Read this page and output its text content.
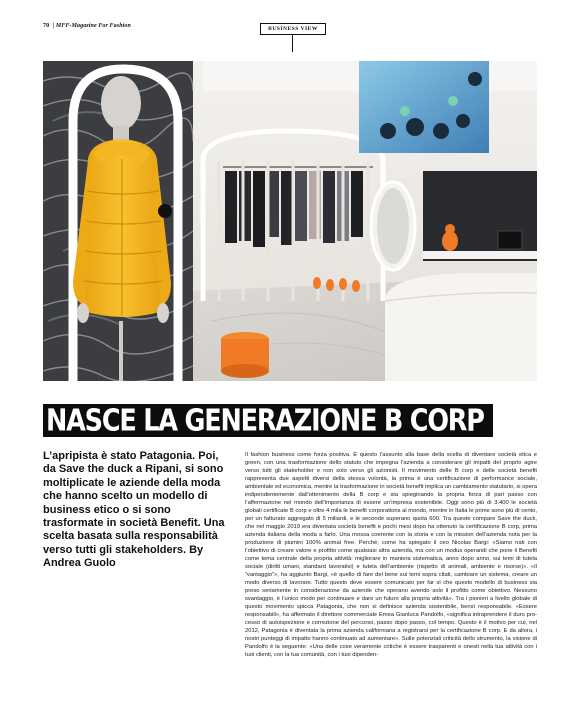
70 | MFF-Magazine For Fashion	BUSINESS VIEW
NASCE LA GENERAZIONE B CORP

L’apripista è stato Patagonia. Poi, da Save the duck a Ripani, si sono moltiplicate le aziende della moda che hanno scelto un modello di business etico o si sono trasformate in società Benefit. Una scelta basata sulla responsabilità verso tutti gli stakeholders. By Andrea Guolo

Il fashion business come forza positiva. È questo l’assunto alla base della scelta di diventare società etica e green, con una trasformazione dello statuto che impegna l’azienda a considerare gli impatti del proprio agire verso tutti gli stakeholder e non solo verso gli azionisti. Il movimento delle B corp e delle società benefit rappresenta due aspetti diversi della stessa volontà, la prima è una certificazione di performance sociale, ambientale ed economica, mentre la trasformazione in società benefit implica un cambiamento statutario, si opera indipendentemente dall’ottenimento della B corp e sta spieginando la propria forza di pari passo con l’affermazione nel mondo dell’importanza di essere un’impresa sostenibile. Oggi sono più di 3.400 le società globali certificate B corp e oltre 4 mila le benefit corporations al mondo, mentre in Italia le prime sono più di cento, per un fatturato aggregato di 5 miliardi, e le seconde superano quota 600. Tra queste compare Save the duck, che nel maggio 2019 era diventata società benefit e pochi mesi dopo ha ottenuto la certificazione B corp, prima azienda italiana della moda a farlo. Una mossa coerente con la storia e con la mission dell’azienda nota per la produzione di piumini 100% animal free. Perché, come ha spiegato il ceo Nicolas Bargi: «Siamo nati con l’obiettivo di creare valore e profitto come qualsiasi altra azienda, ma con un modus operandi che pone il Benefit come tema centrale della propria attività: migliorare in maniera sistematica, anno dopo anno, sui temi di tutela sociale (diritti umani, standard lavorativi) e tutela dell’ambiente (rispetto di animali, ambiente e risorse)». «Il “vantaggio”», ha aggiunto Bargi, «è quello di fare del bene sui temi sopra citati, cambiare un sistema, creare un modo diverso di lavorare. Tutto questo deve essere comunicato per far sì che questo modello di business sia preso seriamente in considerazione da aziende che operano avendo solo il profitto come obiettivo. Nessuno svantaggio, è l’unico modo per continuare e dare un futuro alla propria attività». Tra i pionieri a livello globale di questo movimento spicca Patagonia, che non si definisce azienda sostenibile, bensì responsabile. «Essere responsabili», ha affermato il direttore commerciale Emea Gianluca Pandolfo, «significa intraprendere il duro processo di autoispezione e correzione del percorso, passo dopo passo, col tempo. Questo è il motivo per cui, nel 2012, Patagonia è diventata la prima azienda californiana a registrarsi per la certificazione B corp. E da allora, i nostri punteggi di impatto hanno continuato ad aumentare». Sulle potenziali criticità dello strumento, la visione di Pandolfo è la seguente: «Una delle cose veramente critiche è essere trasparenti e onesti nella tua attività con i tuoi clienti, con la tua comunità, con i tuoi dipenden-
